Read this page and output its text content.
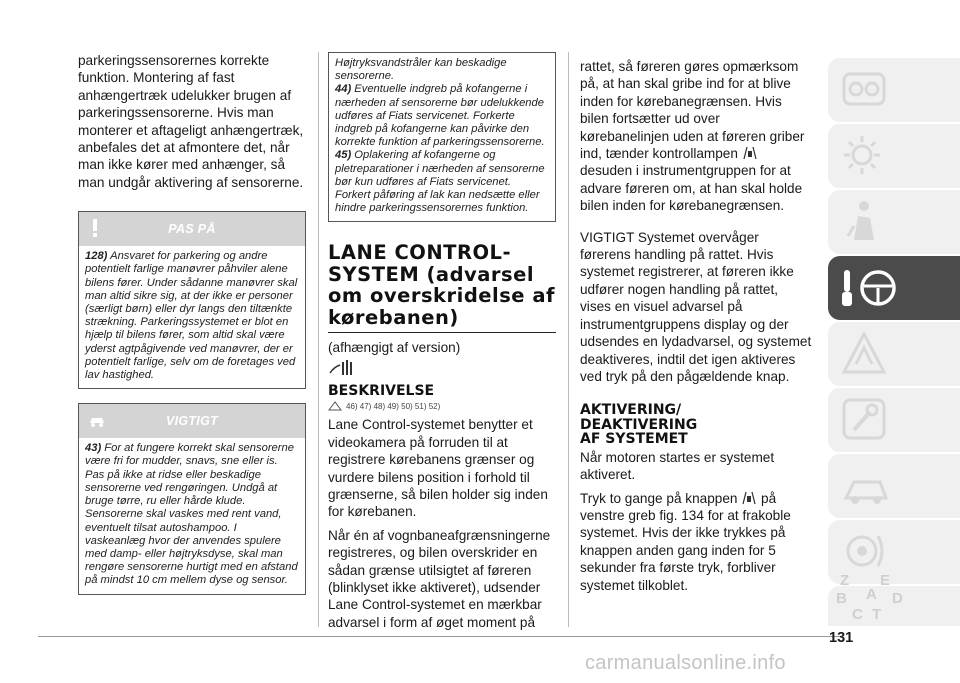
parkeringssensorernes korrekte funktion. Montering af fast anhængertræk udelukker brugen af parkeringssensorerne. Hvis man monterer et aftageligt anhængertræk, anbefales det at afmontere det, når man ikke kører med anhænger, så man undgår aktivering af sensorerne.

PAS PÅ
128) Ansvaret for parkering og andre potentielt farlige manøvrer påhviler alene bilens fører. Under sådanne manøvrer skal man altid sikre sig, at der ikke er personer (særligt børn) eller dyr langs den tiltænkte strækning. Parkeringssystemet er blot en hjælp til bilens fører, som altid skal være yderst agtpågivende ved manøvrer, der er potentielt farlige, selv om de foretages ved lav hastighed.
VIGTIGT
43) For at fungere korrekt skal sensorerne være fri for mudder, snavs, sne eller is. Pas på ikke at ridse eller beskadige sensorerne ved rengøringen. Undgå at bruge tørre, ru eller hårde klude. Sensorerne skal vaskes med rent vand, eventuelt tilsat autoshampoo. I vaskeanlæg hvor der anvendes spulere med damp- eller højtryksdyse, skal man rengøre sensorerne hurtigt med en afstand på mindst 10 cm mellem dyse og sensor.
Højtryksvandstråler kan beskadige sensorerne.
44) Eventuelle indgreb på kofangerne i nærheden af sensorerne bør udelukkende udføres af Fiats servicenet. Forkerte indgreb på kofangerne kan påvirke den korrekte funktion af parkeringssensorerne.
45) Oplakering af kofangerne og pletreparationer i nærheden af sensorerne bør kun udføres af Fiats servicenet. Forkert påføring af lak kan nedsætte eller hindre parkeringssensorernes funktion.
LANE CONTROL-SYSTEM (advarsel om overskridelse af kørebanen)

(afhængigt af version)

BESKRIVELSE
46) 47) 48) 49) 50) 51) 52)

Lane Control-systemet benytter et videokamera på forruden til at registrere kørebanens grænser og vurdere bilens position i forhold til grænserne, så bilen holder sig inden for kørebanen.

Når én af vognbaneafgrænsningerne registreres, og bilen overskrider en sådan grænse utilsigtet af føreren (blinklyset ikke aktiveret), udsender Lane Control-systemet en mærkbar advarsel i form af øget moment på

rattet, så føreren gøres opmærksom på, at han skal gribe ind for at blive inden for kørebanegrænsen. Hvis bilen fortsætter ud over kørebanelinjen uden at føreren griber ind, tænder kontrollampen  desuden i instrumentgruppen for at advare føreren om, at han skal holde bilen inden for kørebanegrænsen.

VIGTIGT Systemet overvåger førerens handling på rattet. Hvis systemet registrerer, at føreren ikke udfører nogen handling på rattet, vises en visuel advarsel på instrumentgruppens display og der udsendes en lydadvarsel, og systemet deaktiveres, indtil det igen aktiveres ved tryk på den pågældende knap.

AKTIVERING/ DEAKTIVERING AF SYSTEMET

Når motoren startes er systemet aktiveret.

Tryk to gange på knappen på venstre greb fig. 134 for at frakoble systemet. Hvis der ikke trykkes på knappen anden gang inden for 5 sekunder fra første tryk, forbliver systemet tilkoblet.	Z E
B A
C
D
T
131
carmanualsonline.info
